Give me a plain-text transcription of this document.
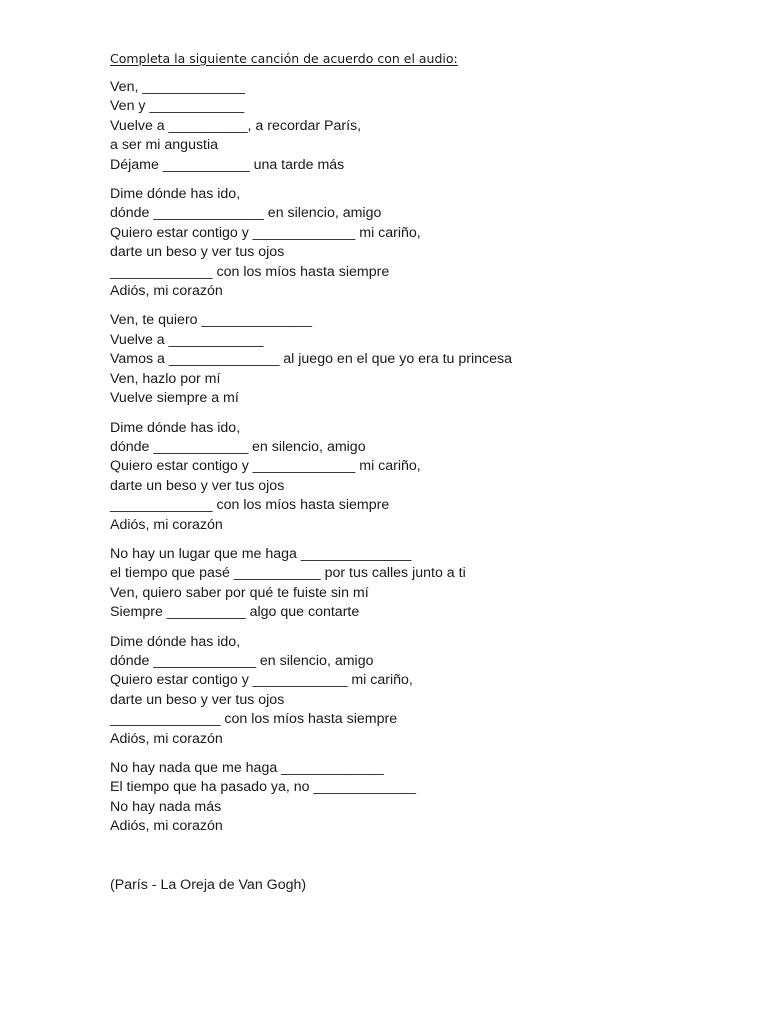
Completa la siguiente canción de acuerdo con el audio:
Ven, _____________
Ven y ____________
Vuelve a __________, a recordar París,
a ser mi angustia
Déjame ___________ una tarde más
Dime dónde has ido,
dónde ______________ en silencio, amigo
Quiero estar contigo y _____________ mi cariño,
darte un beso y ver tus ojos
_____________ con los míos hasta siempre
Adiós, mi corazón
Ven, te quiero ______________
Vuelve a ____________
Vamos a ______________ al juego en el que yo era tu princesa
Ven, hazlo por mí
Vuelve siempre a mí
Dime dónde has ido,
dónde ____________ en silencio, amigo
Quiero estar contigo y _____________ mi cariño,
darte un beso y ver tus ojos
_____________ con los míos hasta siempre
Adiós, mi corazón
No hay un lugar que me haga ______________
el tiempo que pasé ___________ por tus calles junto a ti
Ven, quiero saber por qué te fuiste sin mí
Siempre __________ algo que contarte
Dime dónde has ido,
dónde _____________ en silencio, amigo
Quiero estar contigo y ____________ mi cariño,
darte un beso y ver tus ojos
______________ con los míos hasta siempre
Adiós, mi corazón
No hay nada que me haga _____________
El tiempo que ha pasado ya, no _____________
No hay nada más
Adiós, mi corazón
(París - La Oreja de Van Gogh)
